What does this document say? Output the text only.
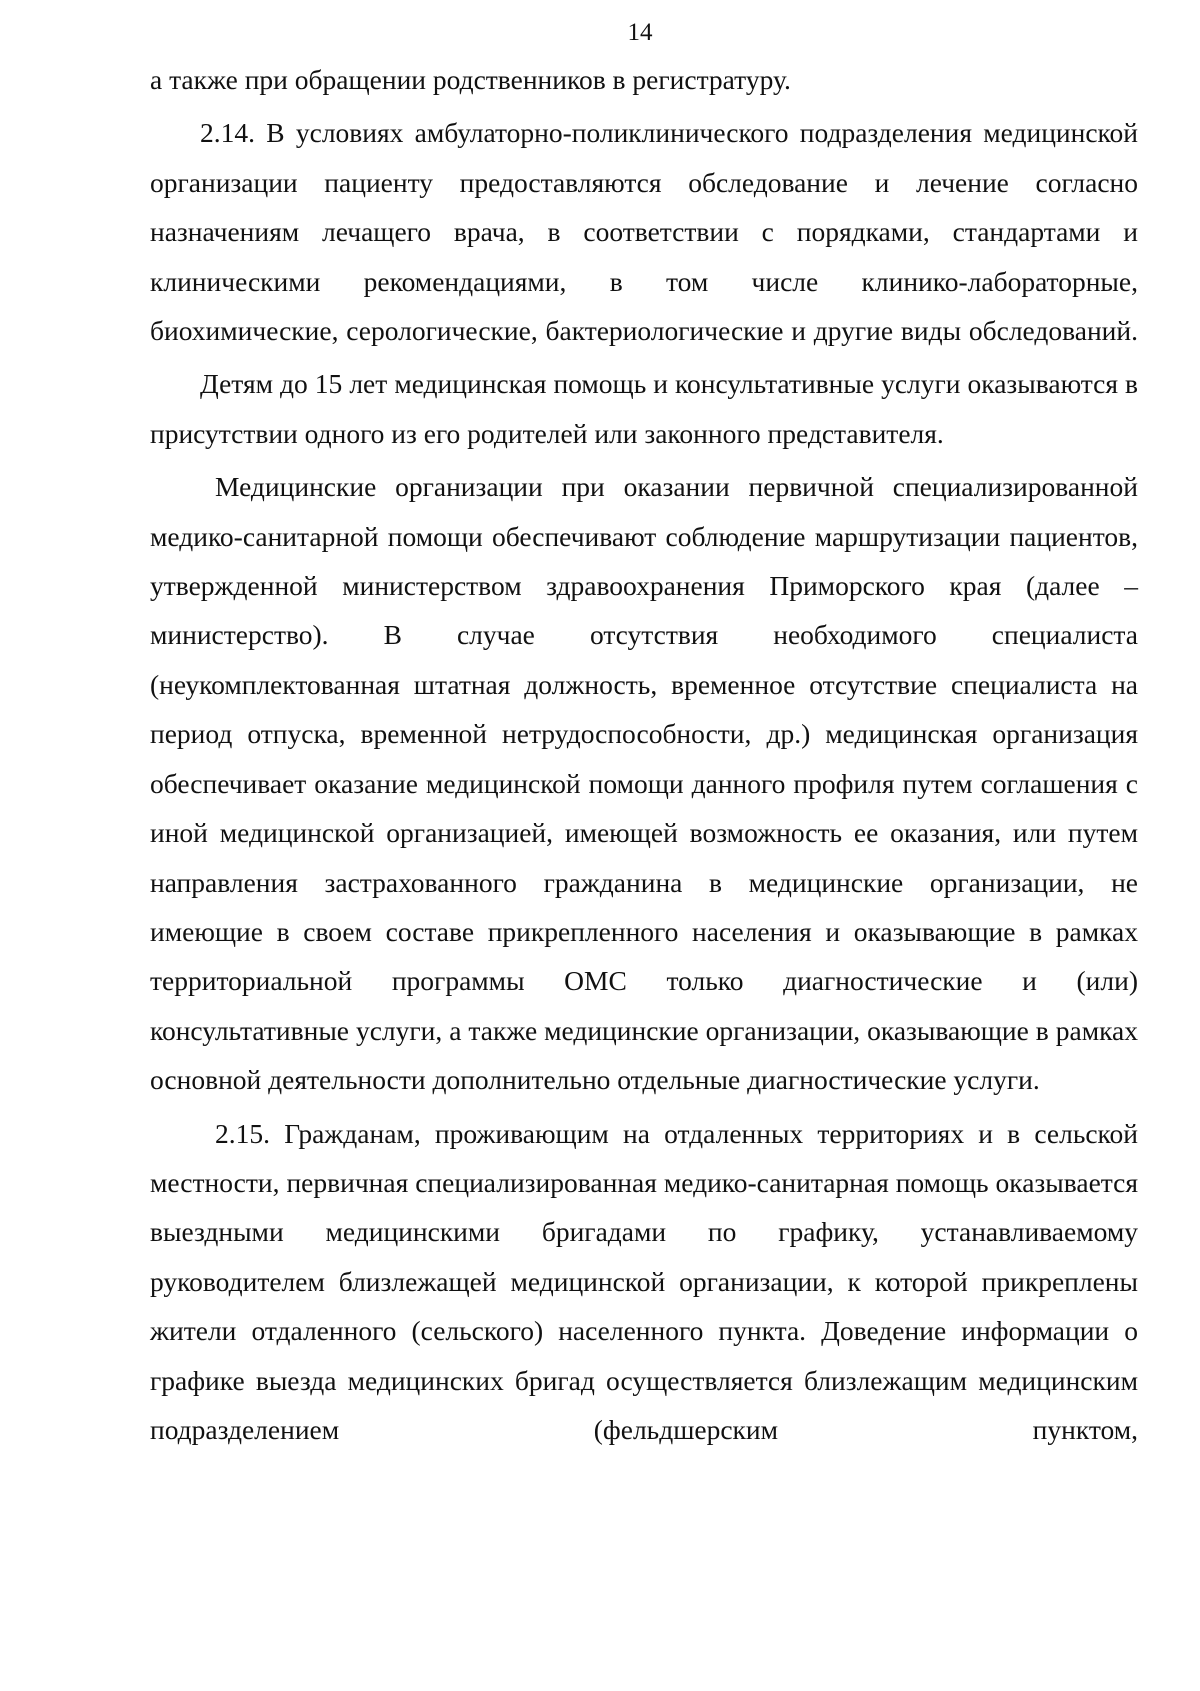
14

а также при обращении родственников в регистратуру.

2.14. В условиях амбулаторно-поликлинического подразделения медицинской организации пациенту предоставляются обследование и лечение согласно назначениям лечащего врача, в соответствии с порядками, стандартами и клиническими рекомендациями, в том числе клинико-лабораторные, биохимические, серологические, бактериологические и другие виды обследований.

Детям до 15 лет медицинская помощь и консультативные услуги оказываются в присутствии одного из его родителей или законного представителя.

Медицинские организации при оказании первичной специализированной медико-санитарной помощи обеспечивают соблюдение маршрутизации пациентов, утвержденной министерством здравоохранения Приморского края (далее – министерство). В случае отсутствия необходимого специалиста (неукомплектованная штатная должность, временное отсутствие специалиста на период отпуска, временной нетрудоспособности, др.) медицинская организация обеспечивает оказание медицинской помощи данного профиля путем соглашения с иной медицинской организацией, имеющей возможность ее оказания, или путем направления застрахованного гражданина в медицинские организации, не имеющие в своем составе прикрепленного населения и оказывающие в рамках территориальной программы ОМС только диагностические и (или) консультативные услуги, а также медицинские организации, оказывающие в рамках основной деятельности дополнительно отдельные диагностические услуги.

2.15. Гражданам, проживающим на отдаленных территориях и в сельской местности, первичная специализированная медико-санитарная помощь оказывается выездными медицинскими бригадами по графику, устанавливаемому руководителем близлежащей медицинской организации, к которой прикреплены жители отдаленного (сельского) населенного пункта. Доведение информации о графике выезда медицинских бригад осуществляется близлежащим медицинским подразделением (фельдшерским пунктом,
